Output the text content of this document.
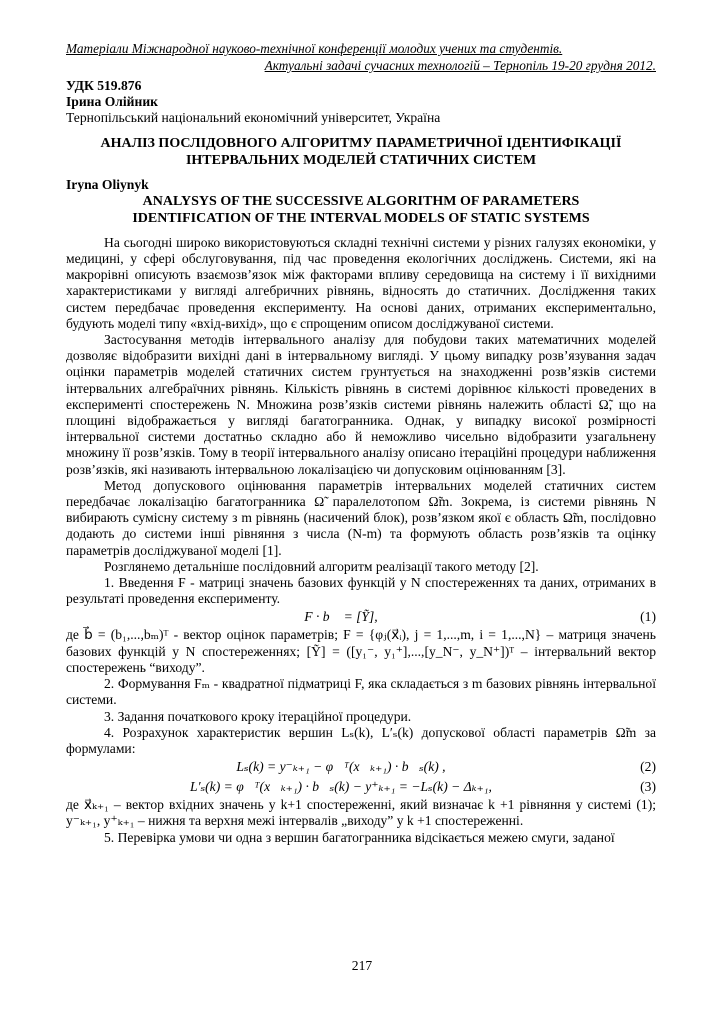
Матеріали Міжнародної науково-технічної конференції молодих учених та студентів.
Актуальні задачі сучасних технологій – Тернопіль 19-20 грудня 2012.
УДК 519.876
Ірина Олійник
Тернопільський національний економічний університет, Україна
АНАЛІЗ ПОСЛІДОВНОГО АЛГОРИТМУ ПАРАМЕТРИЧНОЇ ІДЕНТИФІКАЦІЇ
ІНТЕРВАЛЬНИХ МОДЕЛЕЙ СТАТИЧНИХ СИСТЕМ
Iryna Oliynyk
ANALYSYS OF THE SUCCESSIVE ALGORITHM OF PARAMETERS
IDENTIFICATION OF THE INTERVAL MODELS OF STATIC SYSTEMS

На сьогодні широко використовуються складні технічні системи у різних галузях економіки, у медицині, у сфері обслуговування, під час проведення екологічних досліджень. Системи, які на макрорівні описують взаємозв’язок між факторами впливу середовища на систему і її вихідними характеристиками у вигляді алгебричних рівнянь, відносять до статичних. Дослідження таких систем передбачає проведення експерименту. На основі даних, отриманих експериментально, будують моделі типу «вхід-вихід», що є спрощеним описом досліджуваної системи.

Застосування методів інтервального аналізу для побудови таких математичних моделей дозволяє відобразити вихідні дані в інтервальному вигляді. У цьому випадку розв’язування задач оцінки параметрів моделей статичних систем грунтується на знаходженні розв’язків системи інтервальних алгебраїчних рівнянь. Кількість рівнянь в системі дорівнює кількості проведених в експерименті спостережень N. Множина розв’язків системи рівнянь належить області Ω̃, що на площині відображається у вигляді багатогранника. Однак, у випадку високої розмірності інтервальної системи достатньо складно або й неможливо чисельно відобразити узагальнену множину її розв’язків. Тому в теорії інтервального аналізу описано ітераційні процедури наближення розв’язків, які називають інтервальною локалізацією чи допусковим оцінюванням [3].

Метод допускового оцінювання параметрів інтервальних моделей статичних систем передбачає локалізацію багатогранника Ω̃ паралелотопом Ω̃m. Зокрема, із системи рівнянь N вибирають сумісну систему з m рівнянь (насичений блок), розв’язком якої є область Ω̃m, послідовно додають до системи інші рівняння з числа (N-m) та формують область розв’язків та оцінку параметрів досліджуваної моделі [1].

Розглянемо детальніше послідовний алгоритм реалізації такого методу [2].

1. Введення F - матриці значень базових функцій у N спостереженнях та даних, отриманих в результаті проведення експерименту.

F · b⃗ = [Ỹ],	(1)

де b⃗ = (b₁,...,bₘ)ᵀ - вектор оцінок параметрів; F = {φⱼ(x⃗ᵢ), j = 1,...,m, i = 1,...,N} – матриця значень базових функцій у N спостереженнях; [Ỹ] = ([y₁⁻, y₁⁺],...,[y_N⁻, y_N⁺])ᵀ – інтервальний вектор спостережень “виходу”.

2. Формування Fₘ - квадратної підматриці F, яка складається з m базових рівнянь інтервальної системи.

3. Задання початкового кроку ітераційної процедури.

4. Розрахунок характеристик вершин Lₛ(k), L′ₛ(k) допускової області параметрів Ω̃m за формулами:

Lₛ(k) = y⁻ₖ₊₁ − φ⃗ᵀ(x⃗ₖ₊₁) · b⃗ₛ(k) ,	(2)
L′ₛ(k) = φ⃗ᵀ(x⃗ₖ₊₁) · b⃗ₛ(k) − y⁺ₖ₊₁ = −Lₛ(k) − Δₖ₊₁,	(3)

де x⃗ₖ₊₁ – вектор вхідних значень у k+1 спостереженні, який визначає k +1 рівняння у системі (1); y⁻ₖ₊₁, y⁺ₖ₊₁ – нижня та верхня межі інтервалів „виходу” у k +1 спостереженні.

5. Перевірка умови чи одна з вершин багатогранника відсікається межею смуги, заданої

217
